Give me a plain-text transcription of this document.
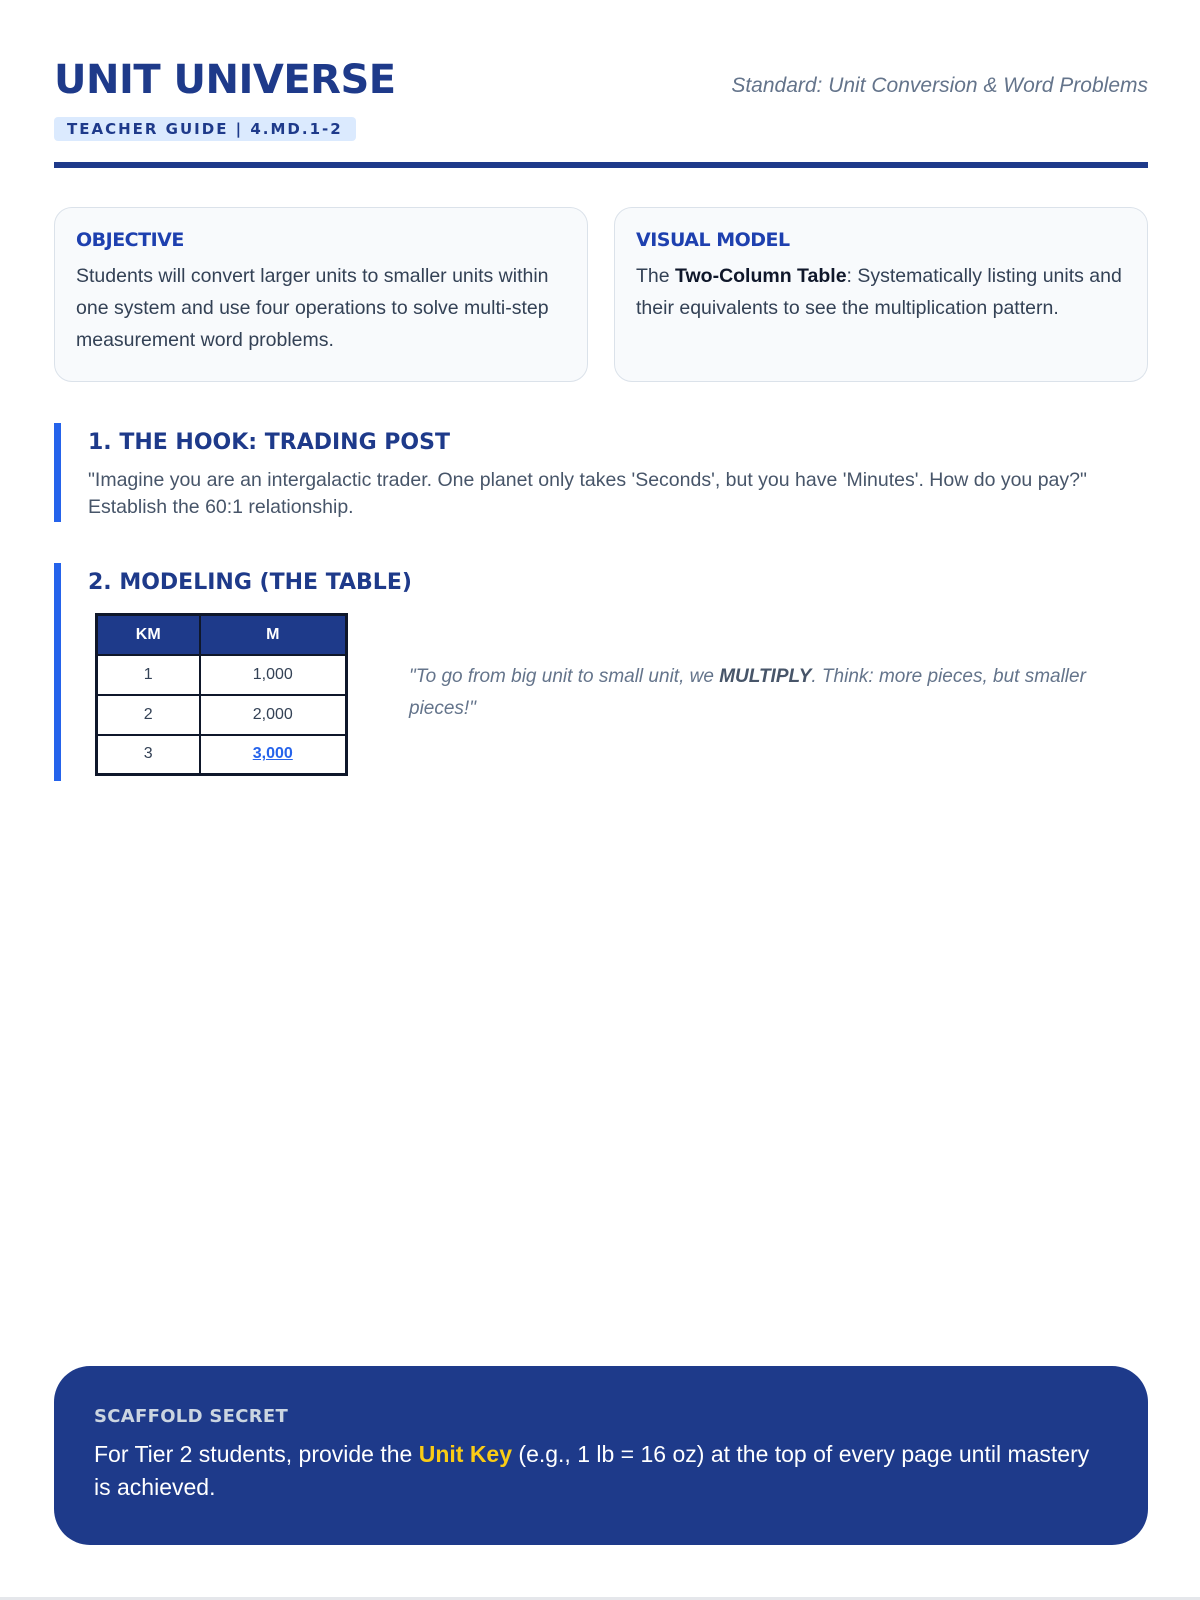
UNIT UNIVERSE
TEACHER GUIDE | 4.MD.1-2
Standard: Unit Conversion & Word Problems
OBJECTIVE
Students will convert larger units to smaller units within one system and use four operations to solve multi-step measurement word problems.
VISUAL MODEL
The Two-Column Table: Systematically listing units and their equivalents to see the multiplication pattern.
1. THE HOOK: TRADING POST
"Imagine you are an intergalactic trader. One planet only takes 'Seconds', but you have 'Minutes'. How do you pay?" Establish the 60:1 relationship.
2. MODELING (THE TABLE)
KM	M
1	1,000
2	2,000
3	3,000
"To go from big unit to small unit, we MULTIPLY. Think: more pieces, but smaller pieces!"
SCAFFOLD SECRET
For Tier 2 students, provide the Unit Key (e.g., 1 lb = 16 oz) at the top of every page until mastery is achieved.
